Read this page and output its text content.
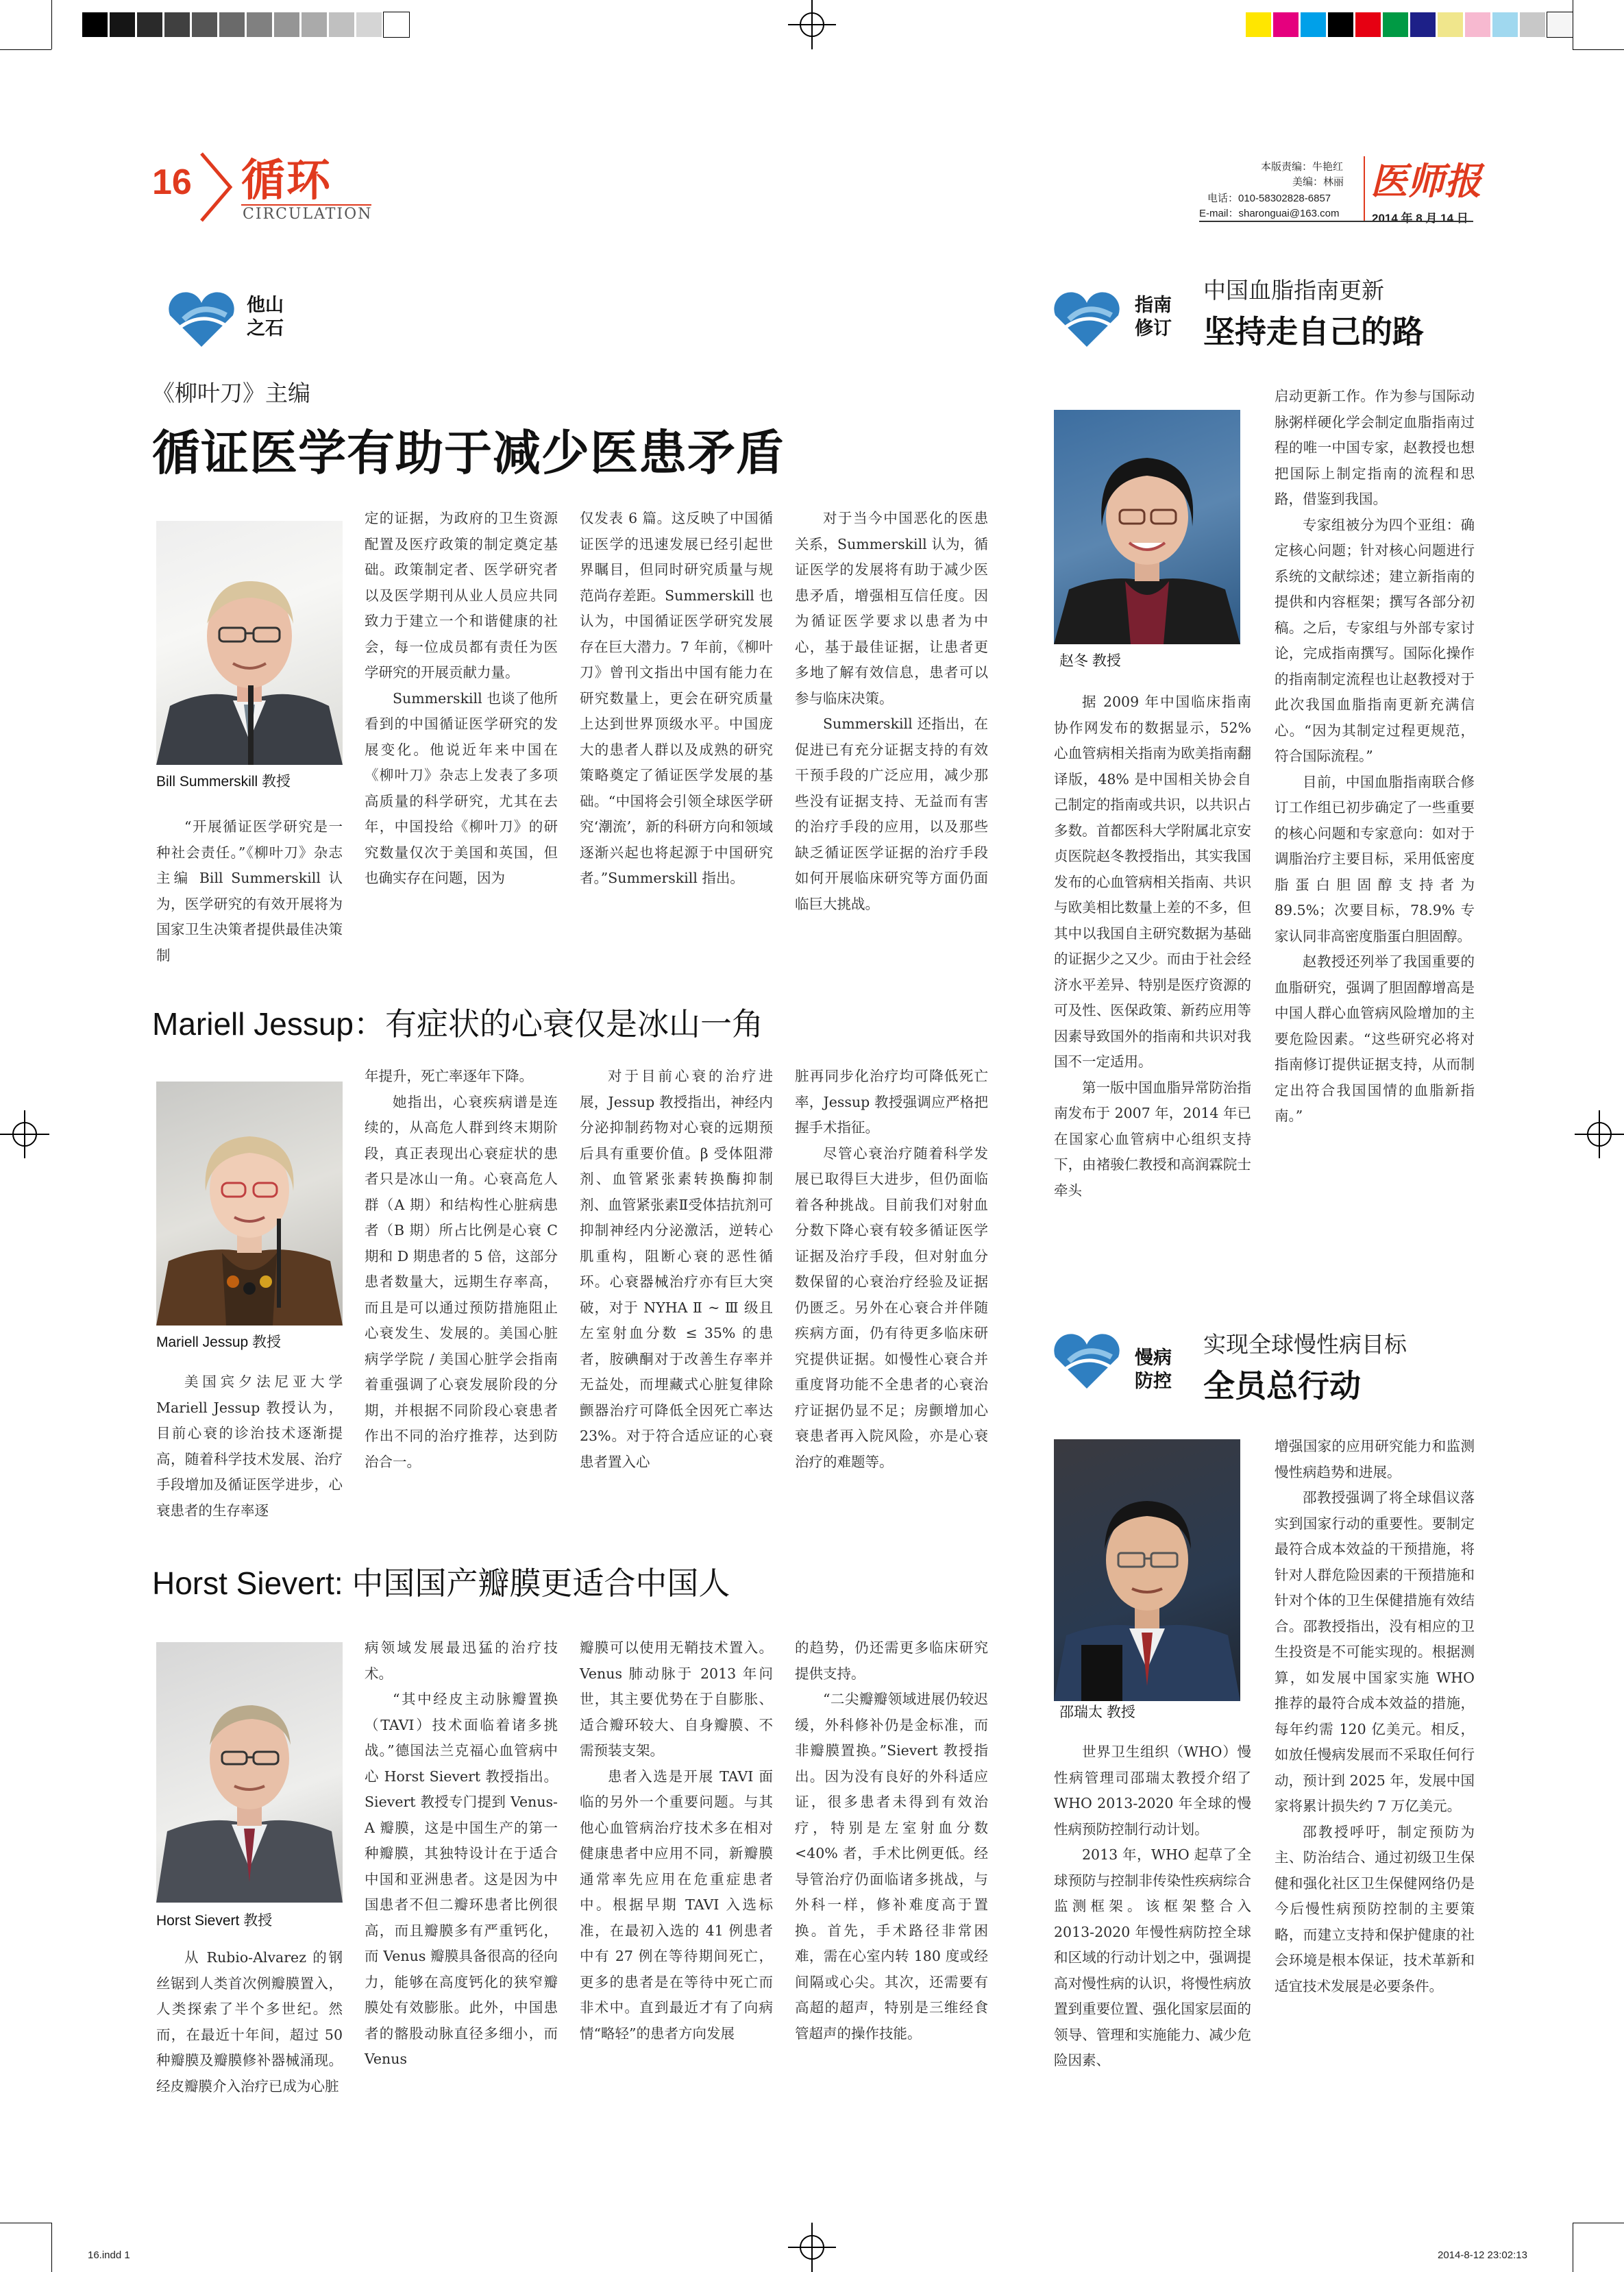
16.indd 1	2014-8-12 23:02:13
16 循环
CIRCULATION
本版责编：牛艳红
美编：林丽
电话：010-58302828-6857
E-mail：sharonguai@163.com
医师报
2014 年 8 月 14 日
他山
之石
《柳叶刀》主编
循证医学有助于减少医患矛盾
Bill Summerskill 教授

“开展循证医学研究是一种社会责任。”《柳叶刀》杂志主编 Bill Summerskill 认为，医学研究的有效开展将为国家卫生决策者提供最佳决策制

定的证据，为政府的卫生资源配置及医疗政策的制定奠定基础。政策制定者、医学研究者以及医学期刊从业人员应共同致力于建立一个和谐健康的社会，每一位成员都有责任为医学研究的开展贡献力量。

Summerskill 也谈了他所看到的中国循证医学研究的发展变化。他说近年来中国在《柳叶刀》杂志上发表了多项高质量的科学研究，尤其在去年，中国投给《柳叶刀》的研究数量仅次于美国和英国，但也确实存在问题，因为

仅发表 6 篇。这反映了中国循证医学的迅速发展已经引起世界瞩目，但同时研究质量与规范尚存差距。Summerskill 也认为，中国循证医学研究发展存在巨大潜力。7 年前，《柳叶刀》曾刊文指出中国有能力在研究数量上，更会在研究质量上达到世界顶级水平。中国庞大的患者人群以及成熟的研究策略奠定了循证医学发展的基础。“中国将会引领全球医学研究‘潮流’，新的科研方向和领域逐渐兴起也将起源于中国研究者。”Summerskill 指出。

对于当今中国恶化的医患关系，Summerskill 认为，循证医学的发展将有助于减少医患矛盾，增强相互信任度。因为循证医学要求以患者为中心，基于最佳证据，让患者更多地了解有效信息，患者可以参与临床决策。

Summerskill 还指出，在促进已有充分证据支持的有效干预手段的广泛应用，减少那些没有证据支持、无益而有害的治疗手段的应用，以及那些缺乏循证医学证据的治疗手段如何开展临床研究等方面仍面临巨大挑战。

Mariell Jessup：有症状的心衰仅是冰山一角
Mariell Jessup 教授

美国宾夕法尼亚大学 Mariell Jessup 教授认为，目前心衰的诊治技术逐渐提高，随着科学技术发展、治疗手段增加及循证医学进步，心衰患者的生存率逐

年提升，死亡率逐年下降。

她指出，心衰疾病谱是连续的，从高危人群到终末期阶段，真正表现出心衰症状的患者只是冰山一角。心衰高危人群（A 期）和结构性心脏病患者（B 期）所占比例是心衰 C 期和 D 期患者的 5 倍，这部分患者数量大，远期生存率高，而且是可以通过预防措施阻止心衰发生、发展的。美国心脏病学学院 / 美国心脏学会指南着重强调了心衰发展阶段的分期，并根据不同阶段心衰患者作出不同的治疗推荐，达到防治合一。

对于目前心衰的治疗进展，Jessup 教授指出，神经内分泌抑制药物对心衰的远期预后具有重要价值。β 受体阻滞剂、血管紧张素转换酶抑制剂、血管紧张素Ⅱ受体拮抗剂可抑制神经内分泌激活，逆转心肌重构，阻断心衰的恶性循环。心衰器械治疗亦有巨大突破，对于 NYHA Ⅱ ~ Ⅲ 级且左室射血分数 ≤ 35% 的患者，胺碘酮对于改善生存率并无益处，而埋藏式心脏复律除颤器治疗可降低全因死亡率达 23%。对于符合适应证的心衰患者置入心

脏再同步化治疗均可降低死亡率，Jessup 教授强调应严格把握手术指征。

尽管心衰治疗随着科学发展已取得巨大进步，但仍面临着各种挑战。目前我们对射血分数下降心衰有较多循证医学证据及治疗手段，但对射血分数保留的心衰治疗经验及证据仍匮乏。另外在心衰合并伴随疾病方面，仍有待更多临床研究提供证据。如慢性心衰合并重度肾功能不全患者的心衰治疗证据仍显不足；房颤增加心衰患者再入院风险，亦是心衰治疗的难题等。

Horst Sievert: 中国国产瓣膜更适合中国人
Horst Sievert 教授

从 Rubio-Alvarez 的钢丝锯到人类首次例瓣膜置入，人类探索了半个多世纪。然而，在最近十年间，超过 50 种瓣膜及瓣膜修补器械涌现。经皮瓣膜介入治疗已成为心脏

病领域发展最迅猛的治疗技术。

“其中经皮主动脉瓣置换（TAVI）技术面临着诸多挑战。”德国法兰克福心血管病中心 Horst Sievert 教授指出。Sievert 教授专门提到 Venus-A 瓣膜，这是中国生产的第一种瓣膜，其独特设计在于适合中国和亚洲患者。这是因为中国患者不但二瓣环患者比例很高，而且瓣膜多有严重钙化，而 Venus 瓣膜具备很高的径向力，能够在高度钙化的狭窄瓣膜处有效膨胀。此外，中国患者的髂股动脉直径多细小，而 Venus

瓣膜可以使用无鞘技术置入。Venus 肺动脉于 2013 年问世，其主要优势在于自膨胀、适合瓣环较大、自身瓣膜、不需预装支架。

患者入选是开展 TAVI 面临的另外一个重要问题。与其他心血管病治疗技术多在相对健康患者中应用不同，新瓣膜通常率先应用在危重症患者中。根据早期 TAVI 入选标准，在最初入选的 41 例患者中有 27 例在等待期间死亡，更多的患者是在等待中死亡而非术中。直到最近才有了向病情“略轻”的患者方向发展

的趋势，仍还需更多临床研究提供支持。

“二尖瓣瓣领域进展仍较迟缓，外科修补仍是金标准，而非瓣膜置换。”Sievert 教授指出。因为没有良好的外科适应证，很多患者未得到有效治疗，特别是左室射血分数 <40% 者，手术比例更低。经导管治疗仍面临诸多挑战，与外科一样，修补难度高于置换。首先，手术路径非常困难，需在心室内转 180 度或经间隔或心尖。其次，还需要有高超的超声，特别是三维经食管超声的操作技能。

指南
修订
中国血脂指南更新
坚持走自己的路
赵冬 教授

据 2009 年中国临床指南协作网发布的数据显示，52% 心血管病相关指南为欧美指南翻译版，48% 是中国相关协会自己制定的指南或共识，以共识占多数。首都医科大学附属北京安贞医院赵冬教授指出，其实我国发布的心血管病相关指南、共识与欧美相比数量上差的不多，但其中以我国自主研究数据为基础的证据少之又少。而由于社会经济水平差异、特别是医疗资源的可及性、医保政策、新药应用等因素导致国外的指南和共识对我国不一定适用。

第一版中国血脂异常防治指南发布于 2007 年，2014 年已在国家心血管病中心组织支持下，由褚骏仁教授和高润霖院士牵头

启动更新工作。作为参与国际动脉粥样硬化学会制定血脂指南过程的唯一中国专家，赵教授也想把国际上制定指南的流程和思路，借鉴到我国。

专家组被分为四个亚组：确定核心问题；针对核心问题进行系统的文献综述；建立新指南的提供和内容框架；撰写各部分初稿。之后，专家组与外部专家讨论，完成指南撰写。国际化操作的指南制定流程也让赵教授对于此次我国血脂指南更新充满信心。“因为其制定过程更规范，符合国际流程。”

目前，中国血脂指南联合修订工作组已初步确定了一些重要的核心问题和专家意向：如对于调脂治疗主要目标，采用低密度脂蛋白胆固醇支持者为 89.5%；次要目标，78.9% 专家认同非高密度脂蛋白胆固醇。

赵教授还列举了我国重要的血脂研究，强调了胆固醇增高是中国人群心血管病风险增加的主要危险因素。“这些研究必将对指南修订提供证据支持，从而制定出符合我国国情的血脂新指南。”

慢病
防控
实现全球慢性病目标
全员总行动
邵瑞太 教授

世界卫生组织（WHO）慢性病管理司邵瑞太教授介绍了 WHO 2013-2020 年全球的慢性病预防控制行动计划。

2013 年，WHO 起草了全球预防与控制非传染性疾病综合监测框架。该框架整合入 2013-2020 年慢性病防控全球和区域的行动计划之中，强调提高对慢性病的认识，将慢性病放置到重要位置、强化国家层面的领导、管理和实施能力、减少危险因素、

增强国家的应用研究能力和监测慢性病趋势和进展。

邵教授强调了将全球倡议落实到国家行动的重要性。要制定最符合成本效益的干预措施，将针对人群危险因素的干预措施和针对个体的卫生保健措施有效结合。邵教授指出，没有相应的卫生投资是不可能实现的。根据测算，如发展中国家实施 WHO 推荐的最符合成本效益的措施，每年约需 120 亿美元。相反，如放任慢病发展而不采取任何行动，预计到 2025 年，发展中国家将累计损失约 7 万亿美元。

邵教授呼吁，制定预防为主、防治结合、通过初级卫生保健和强化社区卫生保健网络仍是今后慢性病预防控制的主要策略，而建立支持和保护健康的社会环境是根本保证，技术革新和适宜技术发展是必要条件。
